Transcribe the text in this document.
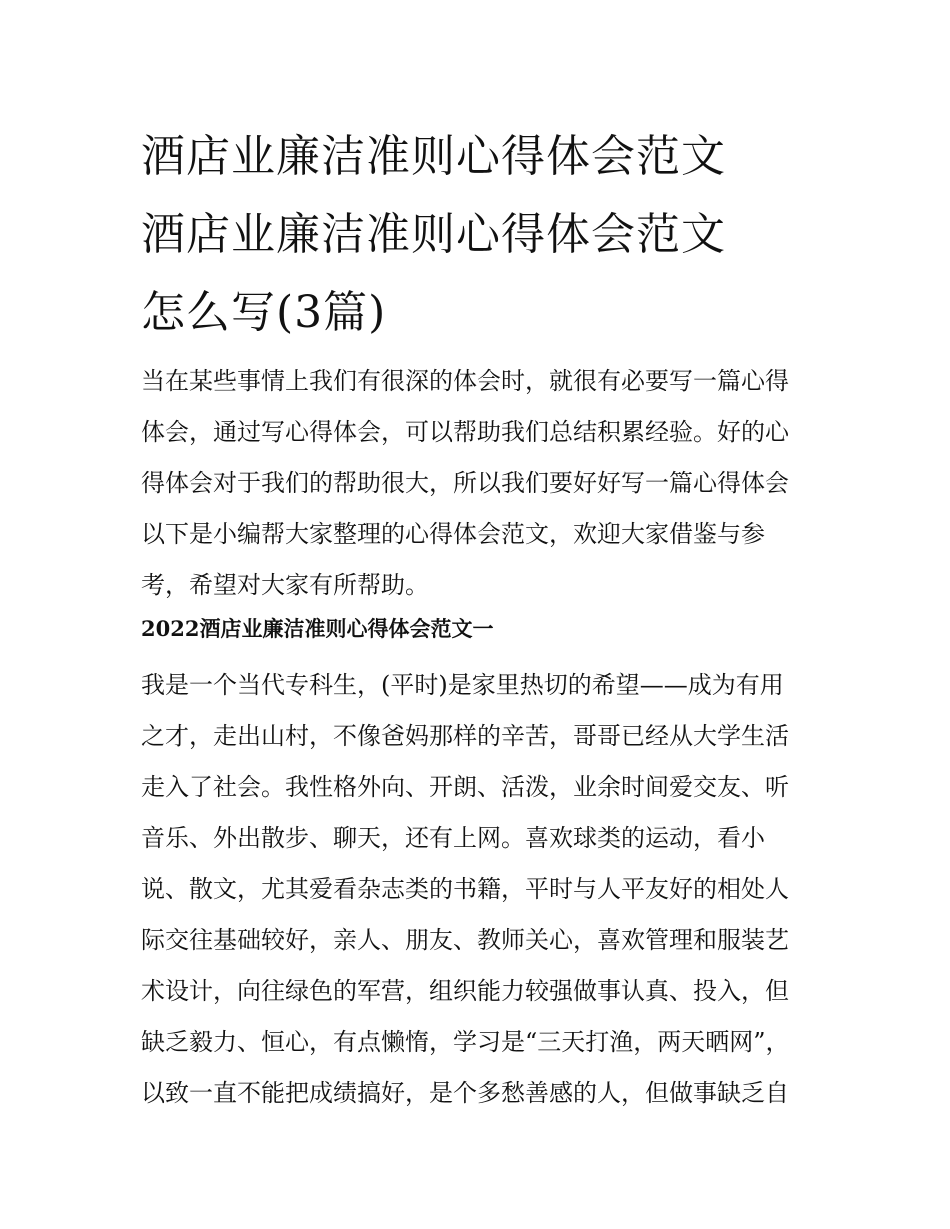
酒店业廉洁准则心得体会范文
酒店业廉洁准则心得体会范文
怎么写(3篇)

当在某些事情上我们有很深的体会时，就很有必要写一篇心得
体会，通过写心得体会，可以帮助我们总结积累经验。好的心
得体会对于我们的帮助很大，所以我们要好好写一篇心得体会
以下是小编帮大家整理的心得体会范文，欢迎大家借鉴与参
考，希望对大家有所帮助。

2022酒店业廉洁准则心得体会范文一

我是一个当代专科生，(平时)是家里热切的希望——成为有用
之才，走出山村，不像爸妈那样的辛苦，哥哥已经从大学生活
走入了社会。我性格外向、开朗、活泼，业余时间爱交友、听
音乐、外出散步、聊天，还有上网。喜欢球类的运动，看小
说、散文，尤其爱看杂志类的书籍，平时与人平友好的相处人
际交往基础较好，亲人、朋友、教师关心，喜欢管理和服装艺
术设计，向往绿色的军营，组织能力较强做事认真、投入，但
缺乏毅力、恒心，有点懒惰，学习是“三天打渔，两天晒网”，
以致一直不能把成绩搞好，是个多愁善感的人，但做事缺乏自
